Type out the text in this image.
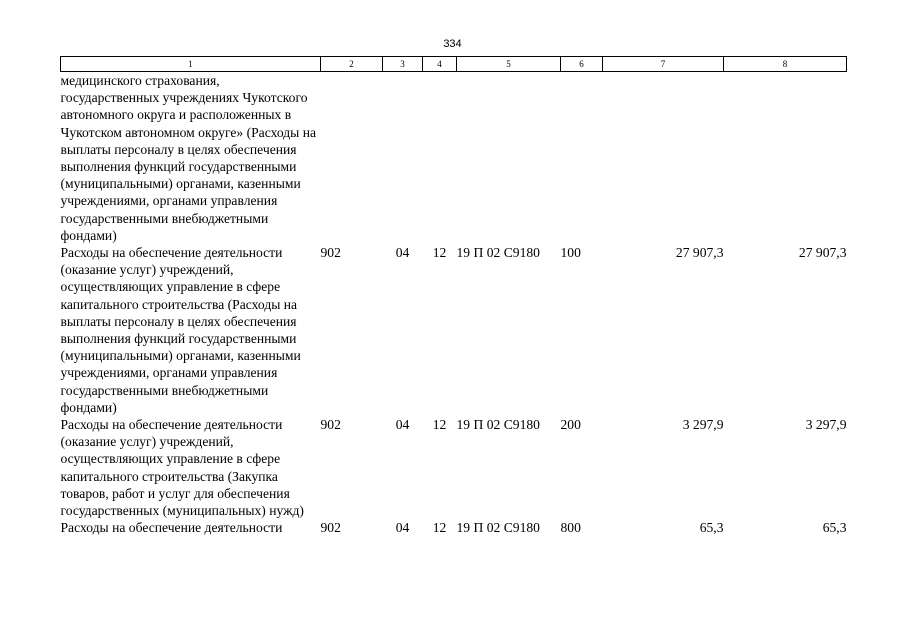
334
1	2	3	4	5	6	7	8
медицинского страхования, государственных учреждениях Чукотского автономного округа и расположенных в Чукотском автономном округе» (Расходы на выплаты персоналу в целях обеспечения выполнения функций государственными (муниципальными) органами, казенными учреждениями, органами управления государственными внебюджетными фондами)							
Расходы на обеспечение деятельности (оказание услуг) учреждений, осуществляющих управление в сфере капитального строительства (Расходы на выплаты персоналу в целях обеспечения выполнения функций государственными (муниципальными) органами, казенными учреждениями, органами управления государственными внебюджетными фондами)	902	04	12	19 П 02 С9180	100	27 907,3	27 907,3
Расходы на обеспечение деятельности (оказание услуг) учреждений, осуществляющих управление в сфере капитального строительства (Закупка товаров, работ и услуг для обеспечения государственных (муниципальных) нужд)	902	04	12	19 П 02 С9180	200	3 297,9	3 297,9
Расходы на обеспечение деятельности	902	04	12	19 П 02 С9180	800	65,3	65,3
